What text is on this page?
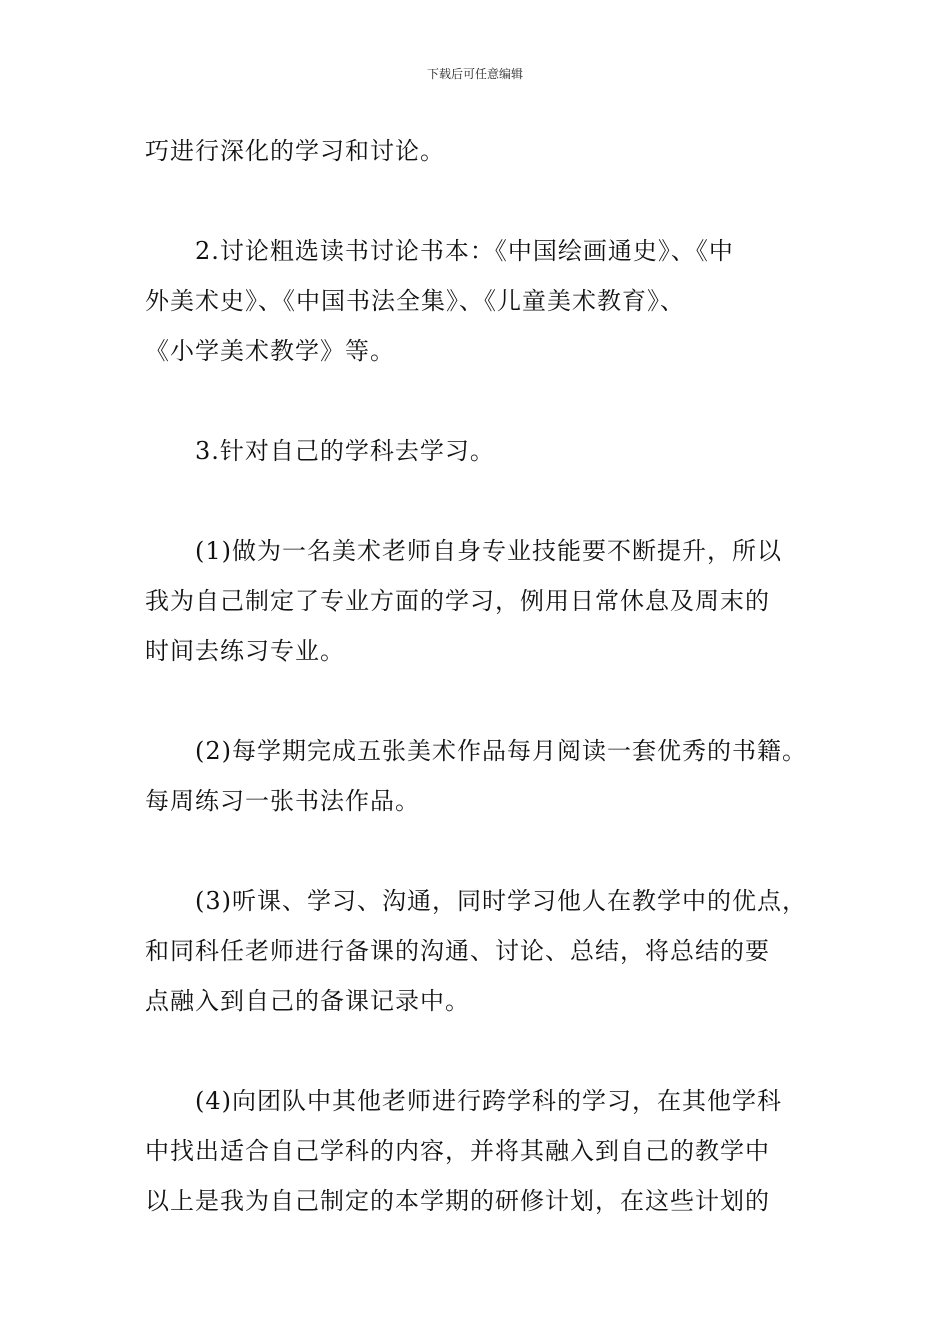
下载后可任意编辑

巧进行深化的学习和讨论。

2.讨论粗选读书讨论书本：《中国绘画通史》、《中
外美术史》、《中国书法全集》、《儿童美术教育》、
《小学美术教学》等。

3.针对自己的学科去学习。

(1)做为一名美术老师自身专业技能要不断提升，所以
我为自己制定了专业方面的学习，例用日常休息及周末的
时间去练习专业。

(2)每学期完成五张美术作品每月阅读一套优秀的书籍。
每周练习一张书法作品。

(3)听课、学习、沟通，同时学习他人在教学中的优点，
和同科任老师进行备课的沟通、讨论、总结，将总结的要
点融入到自己的备课记录中。

(4)向团队中其他老师进行跨学科的学习，在其他学科
中找出适合自己学科的内容，并将其融入到自己的教学中
以上是我为自己制定的本学期的研修计划，在这些计划的
